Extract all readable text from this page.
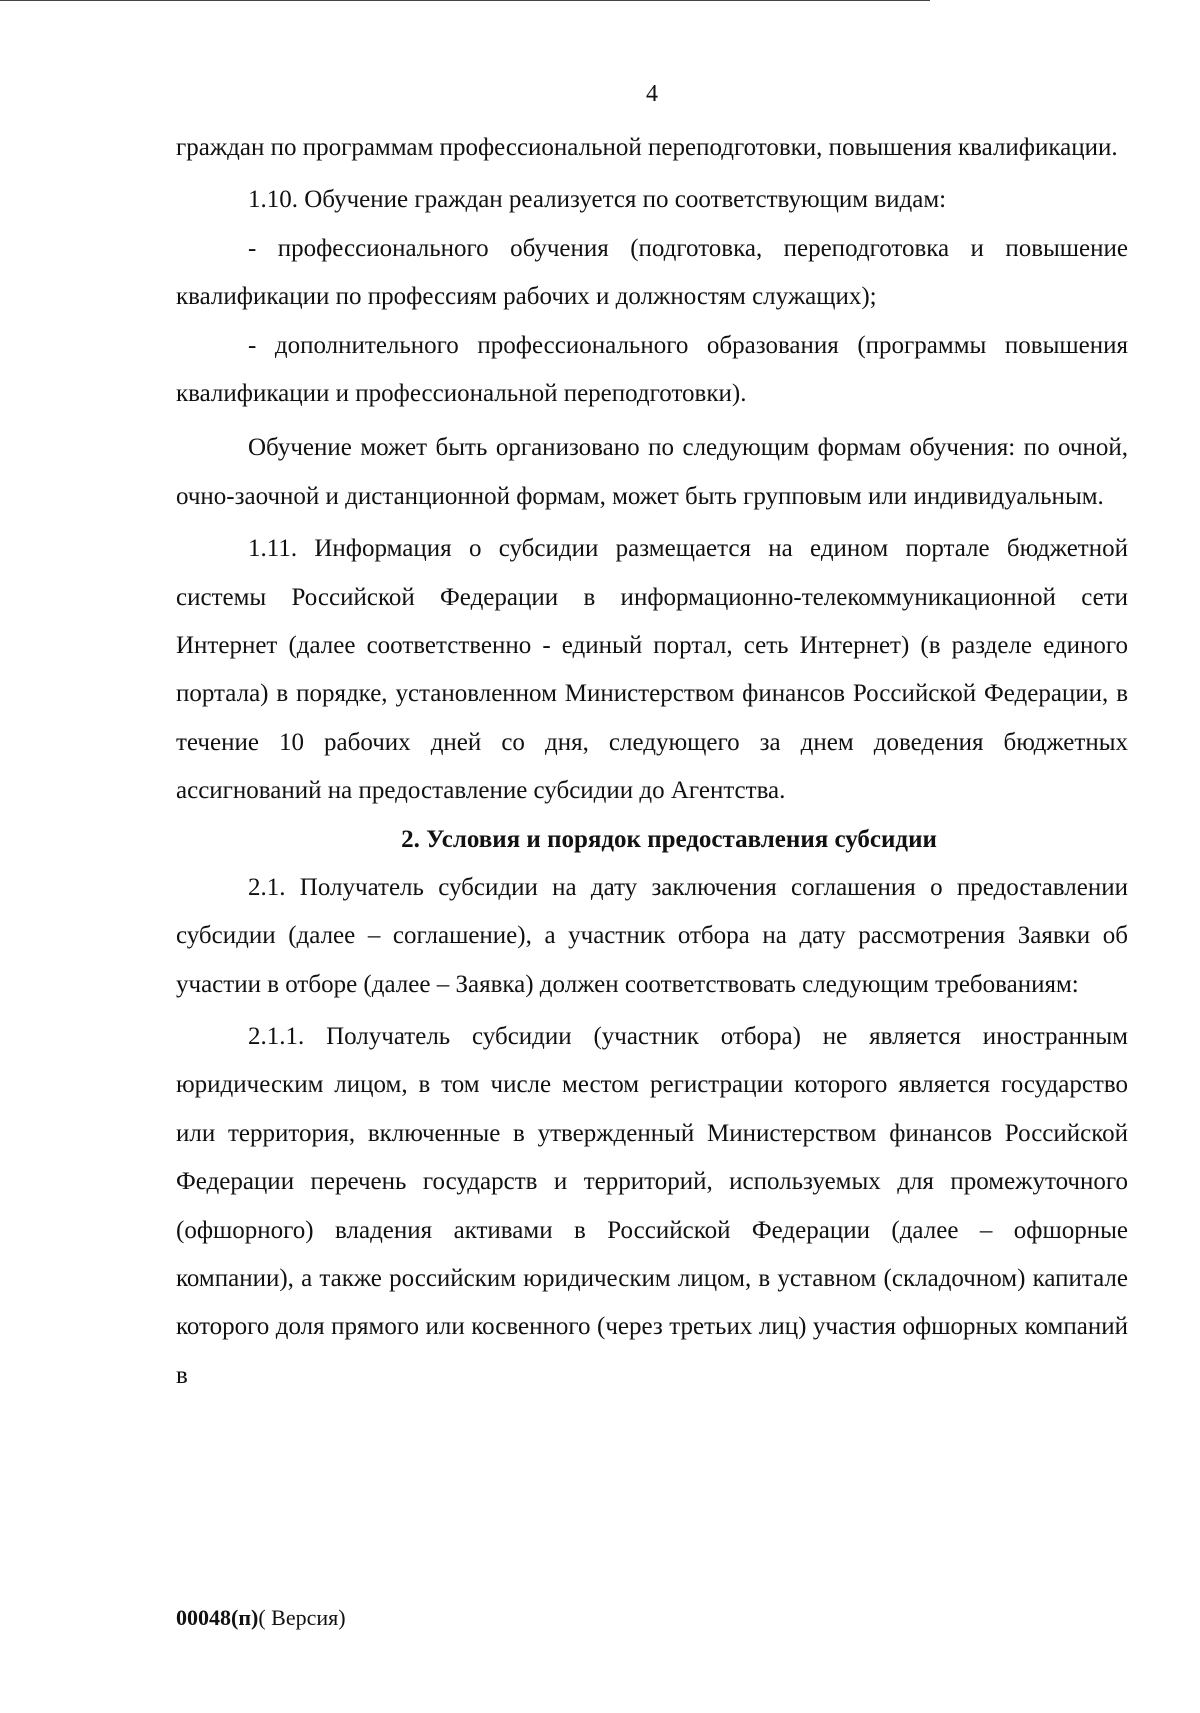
4

граждан по программам профессиональной переподготовки, повышения квалификации.

1.10. Обучение граждан реализуется по соответствующим видам:

- профессионального обучения (подготовка, переподготовка и повышение квалификации по профессиям рабочих и должностям служащих);

- дополнительного профессионального образования (программы повышения квалификации и профессиональной переподготовки).

Обучение может быть организовано по следующим формам обучения: по очной, очно-заочной и дистанционной формам, может быть групповым или индивидуальным.

1.11. Информация о субсидии размещается на едином портале бюджетной системы Российской Федерации в информационно-телекоммуникационной сети Интернет (далее соответственно - единый портал, сеть Интернет) (в разделе единого портала) в порядке, установленном Министерством финансов Российской Федерации, в течение 10 рабочих дней со дня, следующего за днем доведения бюджетных ассигнований на предоставление субсидии до Агентства.

2. Условия и порядок предоставления субсидии

2.1. Получатель субсидии на дату заключения соглашения о предоставлении субсидии (далее – соглашение), а участник отбора на дату рассмотрения Заявки об участии в отборе (далее – Заявка) должен соответствовать следующим требованиям:

2.1.1. Получатель субсидии (участник отбора) не является иностранным юридическим лицом, в том числе местом регистрации которого является государство или территория, включенные в утвержденный Министерством финансов Российской Федерации перечень государств и территорий, используемых для промежуточного (офшорного) владения активами в Российской Федерации (далее – офшорные компании), а также российским юридическим лицом, в уставном (складочном) капитале которого доля прямого или косвенного (через третьих лиц) участия офшорных компаний в

00048(п)( Версия)
